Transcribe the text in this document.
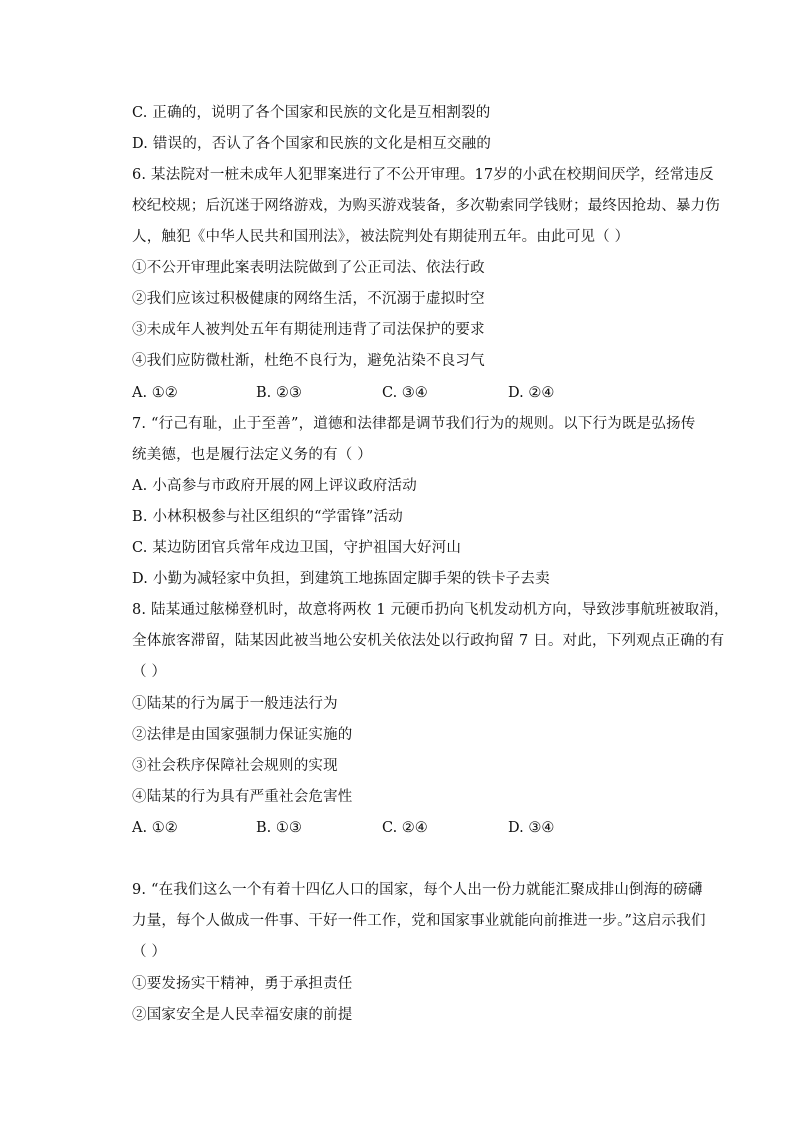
C. 正确的，说明了各个国家和民族的文化是互相割裂的
D. 错误的，否认了各个国家和民族的文化是相互交融的
6. 某法院对一桩未成年人犯罪案进行了不公开审理。17岁的小武在校期间厌学，经常违反
校纪校规；后沉迷于网络游戏，为购买游戏装备，多次勒索同学钱财；最终因抢劫、暴力伤
人，触犯《中华人民共和国刑法》，被法院判处有期徒刑五年。由此可见（ ）
①不公开审理此案表明法院做到了公正司法、依法行政
②我们应该过积极健康的网络生活，不沉溺于虚拟时空
③未成年人被判处五年有期徒刑违背了司法保护的要求
④我们应防微杜渐，杜绝不良行为，避免沾染不良习气
A. ①②	B. ②③	C. ③④	D. ②④
7. “行己有耻，止于至善”，道德和法律都是调节我们行为的规则。以下行为既是弘扬传
统美德，也是履行法定义务的有（ ）
A. 小高参与市政府开展的网上评议政府活动
B. 小林积极参与社区组织的“学雷锋”活动
C. 某边防团官兵常年戍边卫国，守护祖国大好河山
D. 小勤为减轻家中负担，到建筑工地拣固定脚手架的铁卡子去卖
8. 陆某通过舷梯登机时，故意将两枚 1 元硬币扔向飞机发动机方向，导致涉事航班被取消，
全体旅客滞留，陆某因此被当地公安机关依法处以行政拘留 7 日。对此，下列观点正确的有
（ ）
①陆某的行为属于一般违法行为
②法律是由国家强制力保证实施的
③社会秩序保障社会规则的实现
④陆某的行为具有严重社会危害性
A. ①②	B. ①③	C. ②④	D. ③④
9. “在我们这么一个有着十四亿人口的国家，每个人出一份力就能汇聚成排山倒海的磅礴
力量，每个人做成一件事、干好一件工作，党和国家事业就能向前推进一步。”这启示我们
（ ）
①要发扬实干精神，勇于承担责任
②国家安全是人民幸福安康的前提
